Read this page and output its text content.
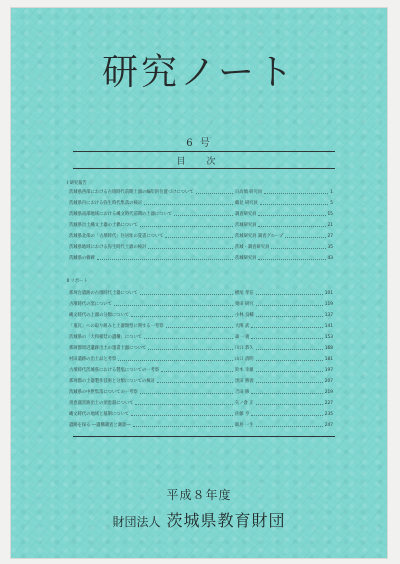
研究ノート
6 号
目　次
Ⅰ 研究報告
茨城県西部における古墳時代前期土器の編年的位置づけについて	日高慎 研究員	1
茨城県内における弥生時代集落の検討	鶴見 研究員	5
茨城県南部地域における縄文時代前期の土器について	調査研究員	15
茨城県出土縄文土器の土偶について	茨城研究員	21
茨城県北部の「古墳時代」住居址の覚書について	茨城研究員 調査グループ	27
茨城県地域における弥生時代土器の検討	茨城・調査研究員	35
茨城県の板碑	茨城研究員	43
Ⅱ リポート
那珂台遺跡の古墳時代土器について	横尾 孝信	101
古墳時代の窯について	栗田 研究	119
縄文時代の土器の分類について	小林 良輔	137
「鬼瓦」への取り組みと土器類型に関する一考察	大関 武	141
茨城県の「大和朝廷の遺構」について	森 一義	153
那珂郡周辺遺跡出土の墨書土器について	川口 恭久	168
村田遺跡の出土品と考察	山口 清明	181
古墳時代茨城県における製塩についての一考察	鈴木 幸雄	197
那珂郡の土器製作技術と分類についての検討	黒田 勝義	207
茨城県の中世集落についての一考察	吉田 修	219
須恵器窯跡出土の須恵器について	矢ノ倉 正	227
縄文時代の地域と墓制について	佐藤 亨	235
遺跡を探る ―遺構調査と測量―	飯島 一生	247
平成８年度
財団法人 茨城県教育財団
